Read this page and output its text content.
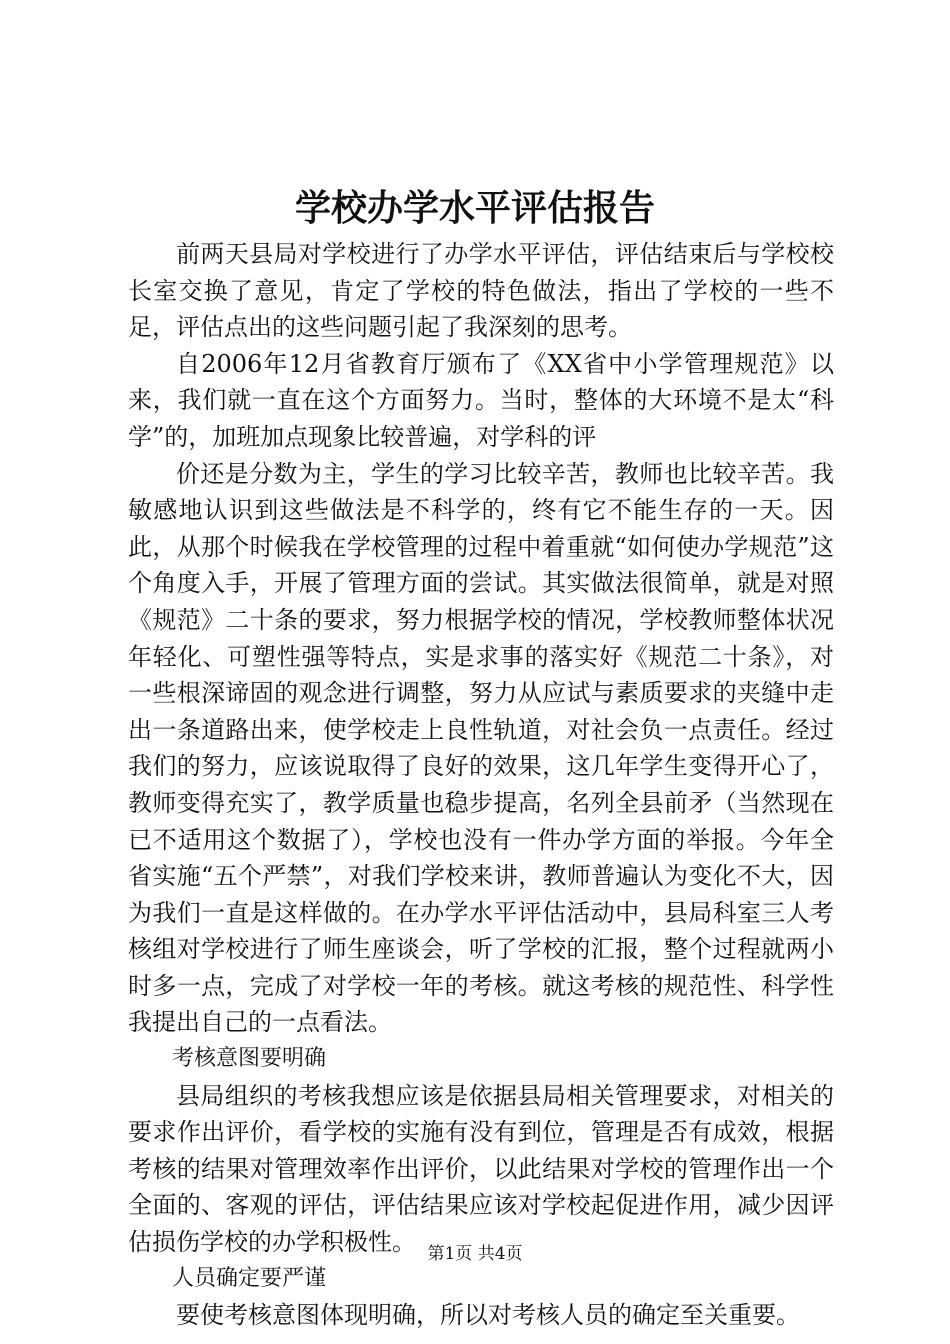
学校办学水平评估报告

前两天县局对学校进行了办学水平评估，评估结束后与学校校长室交换了意见，肯定了学校的特色做法，指出了学校的一些不足，评估点出的这些问题引起了我深刻的思考。

自2006年12月省教育厅颁布了《XX省中小学管理规范》以来，我们就一直在这个方面努力。当时，整体的大环境不是太“科学”的，加班加点现象比较普遍，对学科的评

价还是分数为主，学生的学习比较辛苦，教师也比较辛苦。我敏感地认识到这些做法是不科学的，终有它不能生存的一天。因此，从那个时候我在学校管理的过程中着重就“如何使办学规范”这个角度入手，开展了管理方面的尝试。其实做法很简单，就是对照《规范》二十条的要求，努力根据学校的情况，学校教师整体状况年轻化、可塑性强等特点，实是求事的落实好《规范二十条》，对一些根深谛固的观念进行调整，努力从应试与素质要求的夹缝中走出一条道路出来，使学校走上良性轨道，对社会负一点责任。经过我们的努力，应该说取得了良好的效果，这几年学生变得开心了，教师变得充实了，教学质量也稳步提高，名列全县前矛（当然现在已不适用这个数据了），学校也没有一件办学方面的举报。今年全省实施“五个严禁”，对我们学校来讲，教师普遍认为变化不大，因为我们一直是这样做的。在办学水平评估活动中，县局科室三人考核组对学校进行了师生座谈会，听了学校的汇报，整个过程就两小时多一点，完成了对学校一年的考核。就这考核的规范性、科学性我提出自己的一点看法。

考核意图要明确

县局组织的考核我想应该是依据县局相关管理要求，对相关的要求作出评价，看学校的实施有没有到位，管理是否有成效，根据考核的结果对管理效率作出评价，以此结果对学校的管理作出一个全面的、客观的评估，评估结果应该对学校起促进作用，减少因评估损伤学校的办学积极性。

人员确定要严谨

要使考核意图体现明确，所以对考核人员的确定至关重要。

第1页 共4页
